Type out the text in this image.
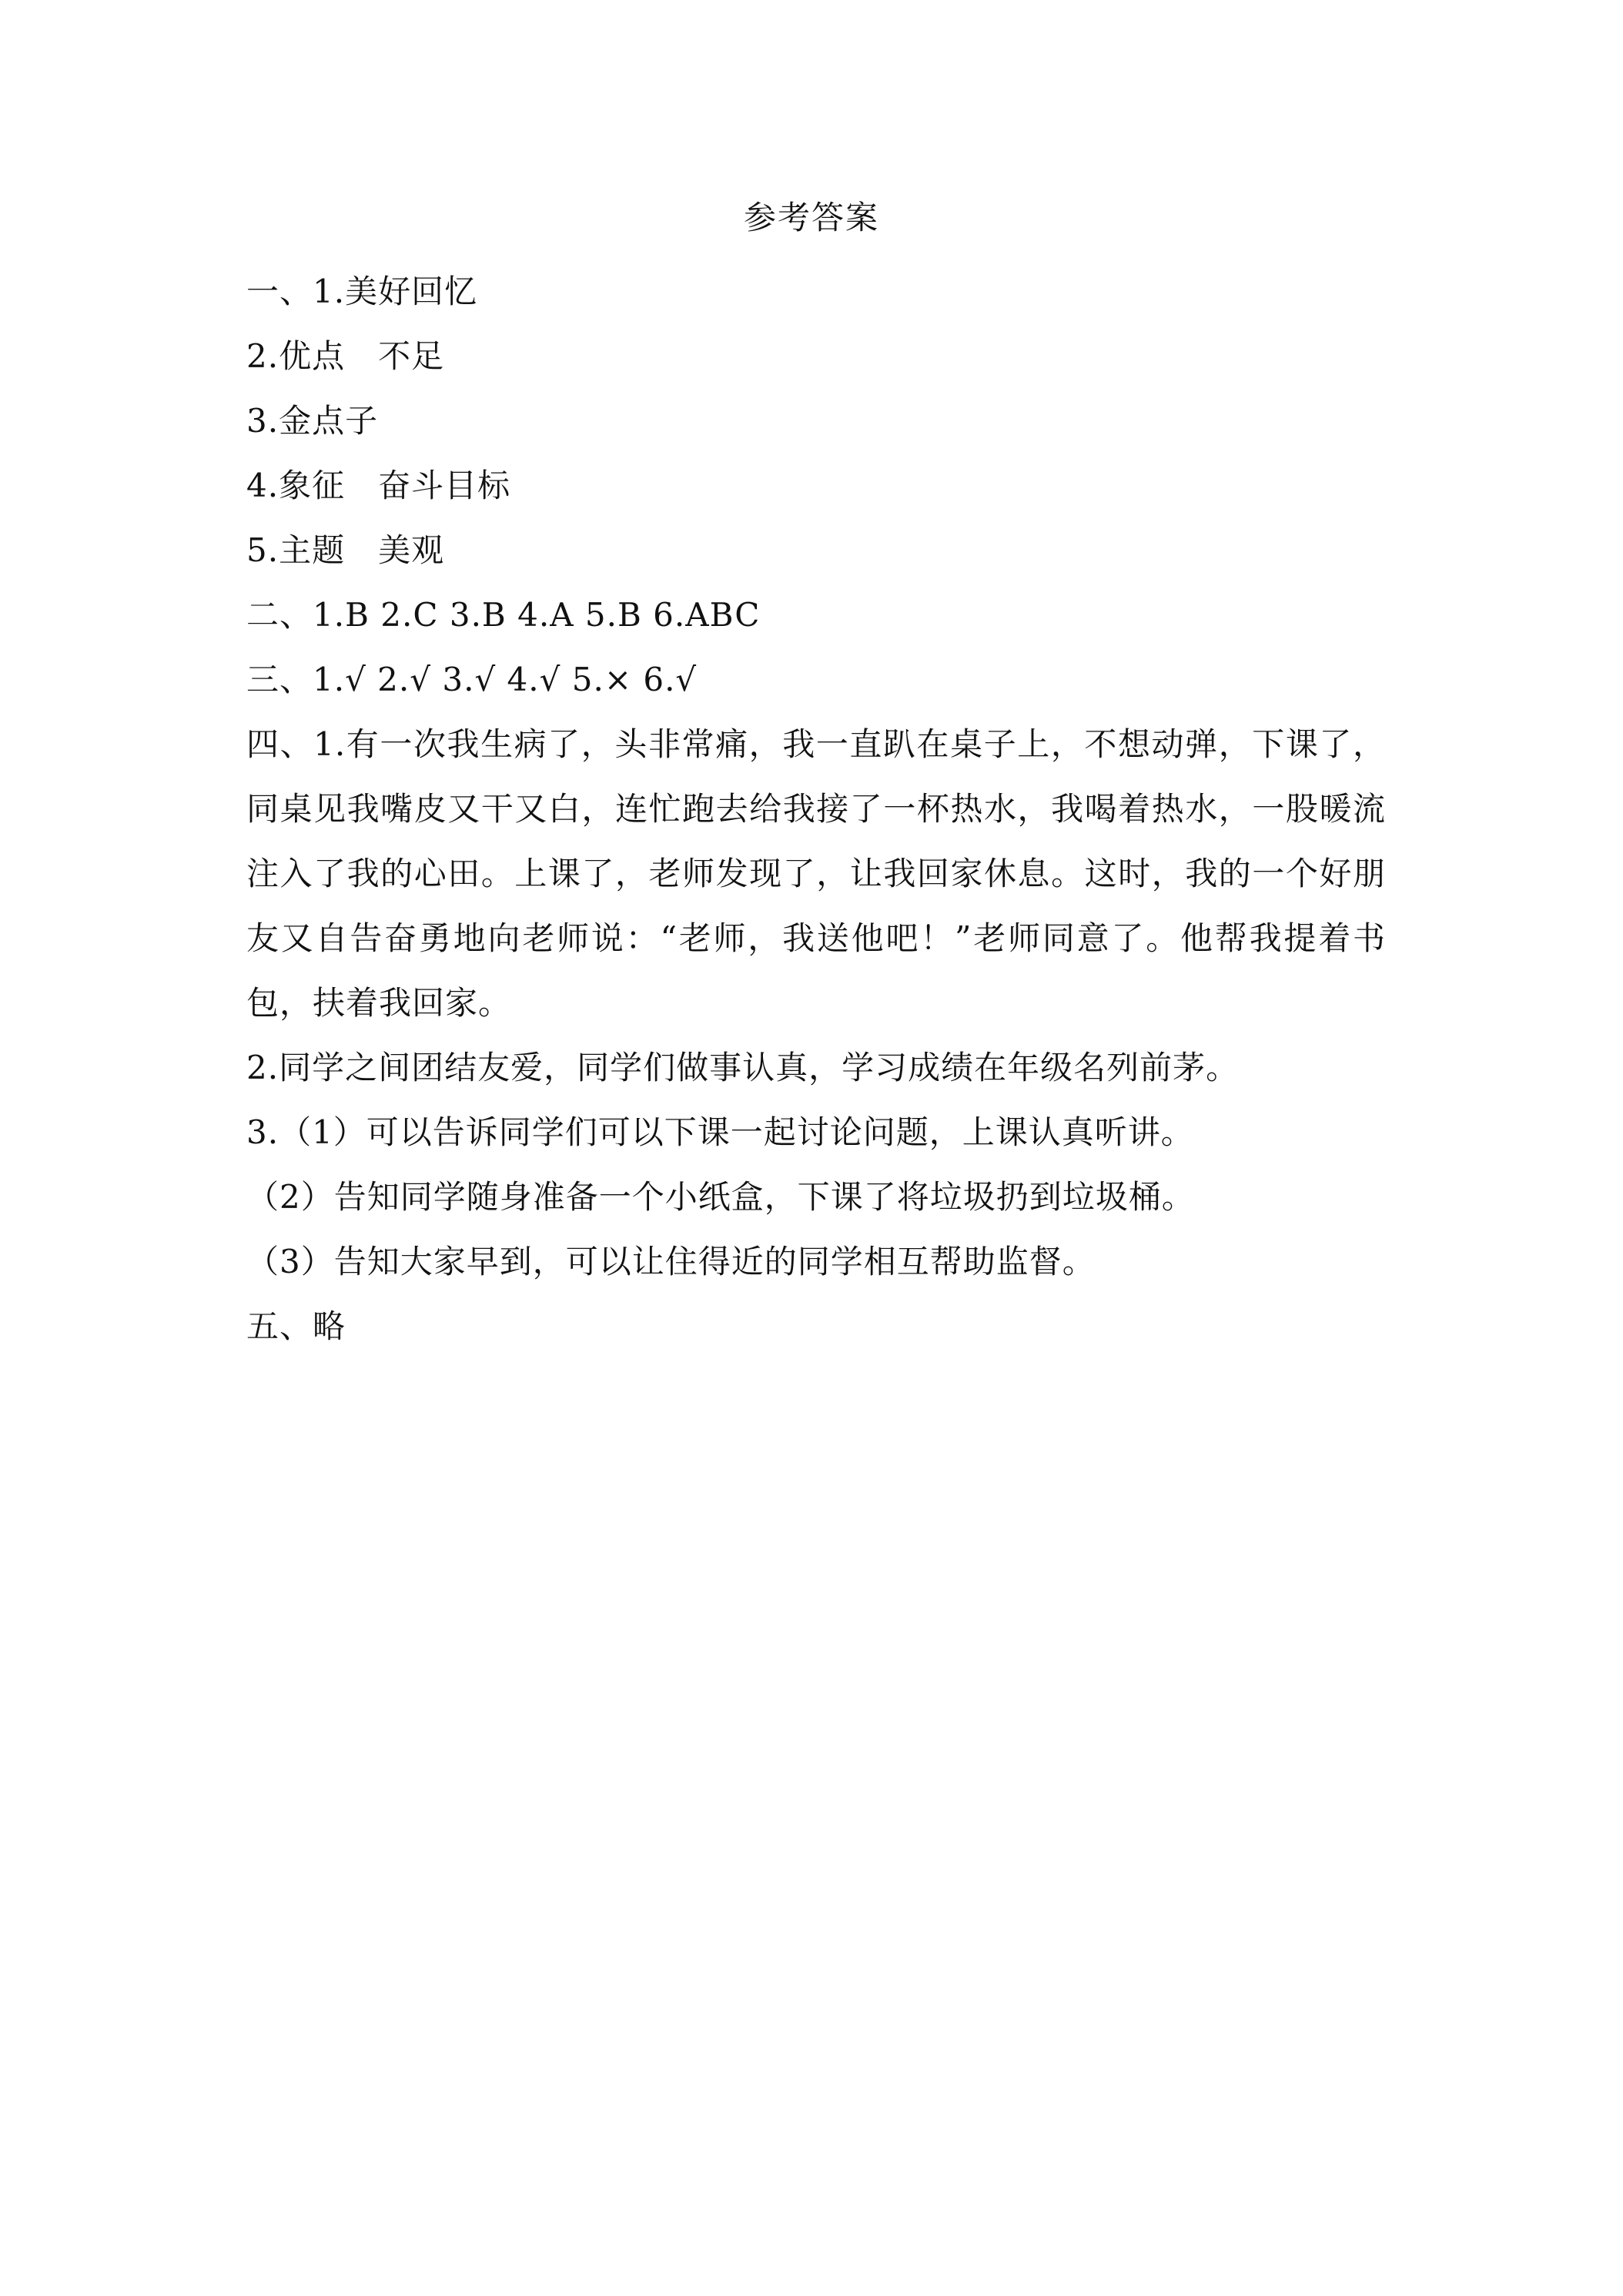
参考答案
一、1.美好回忆
2.优点　不足
3.金点子
4.象征　奋斗目标
5.主题　美观
二、1.B 2.C 3.B 4.A 5.B 6.ABC
三、1.√ 2.√ 3.√ 4.√ 5.× 6.√
四、1.有一次我生病了，头非常痛，我一直趴在桌子上，不想动弹，下课了，同桌见我嘴皮又干又白，连忙跑去给我接了一杯热水，我喝着热水，一股暖流注入了我的心田。上课了，老师发现了，让我回家休息。这时，我的一个好朋友又自告奋勇地向老师说：“老师，我送他吧！”老师同意了。他帮我提着书包，扶着我回家。
2.同学之间团结友爱，同学们做事认真，学习成绩在年级名列前茅。
3.（1）可以告诉同学们可以下课一起讨论问题，上课认真听讲。
（2）告知同学随身准备一个小纸盒，下课了将垃圾扔到垃圾桶。
（3）告知大家早到，可以让住得近的同学相互帮助监督。
五、略
